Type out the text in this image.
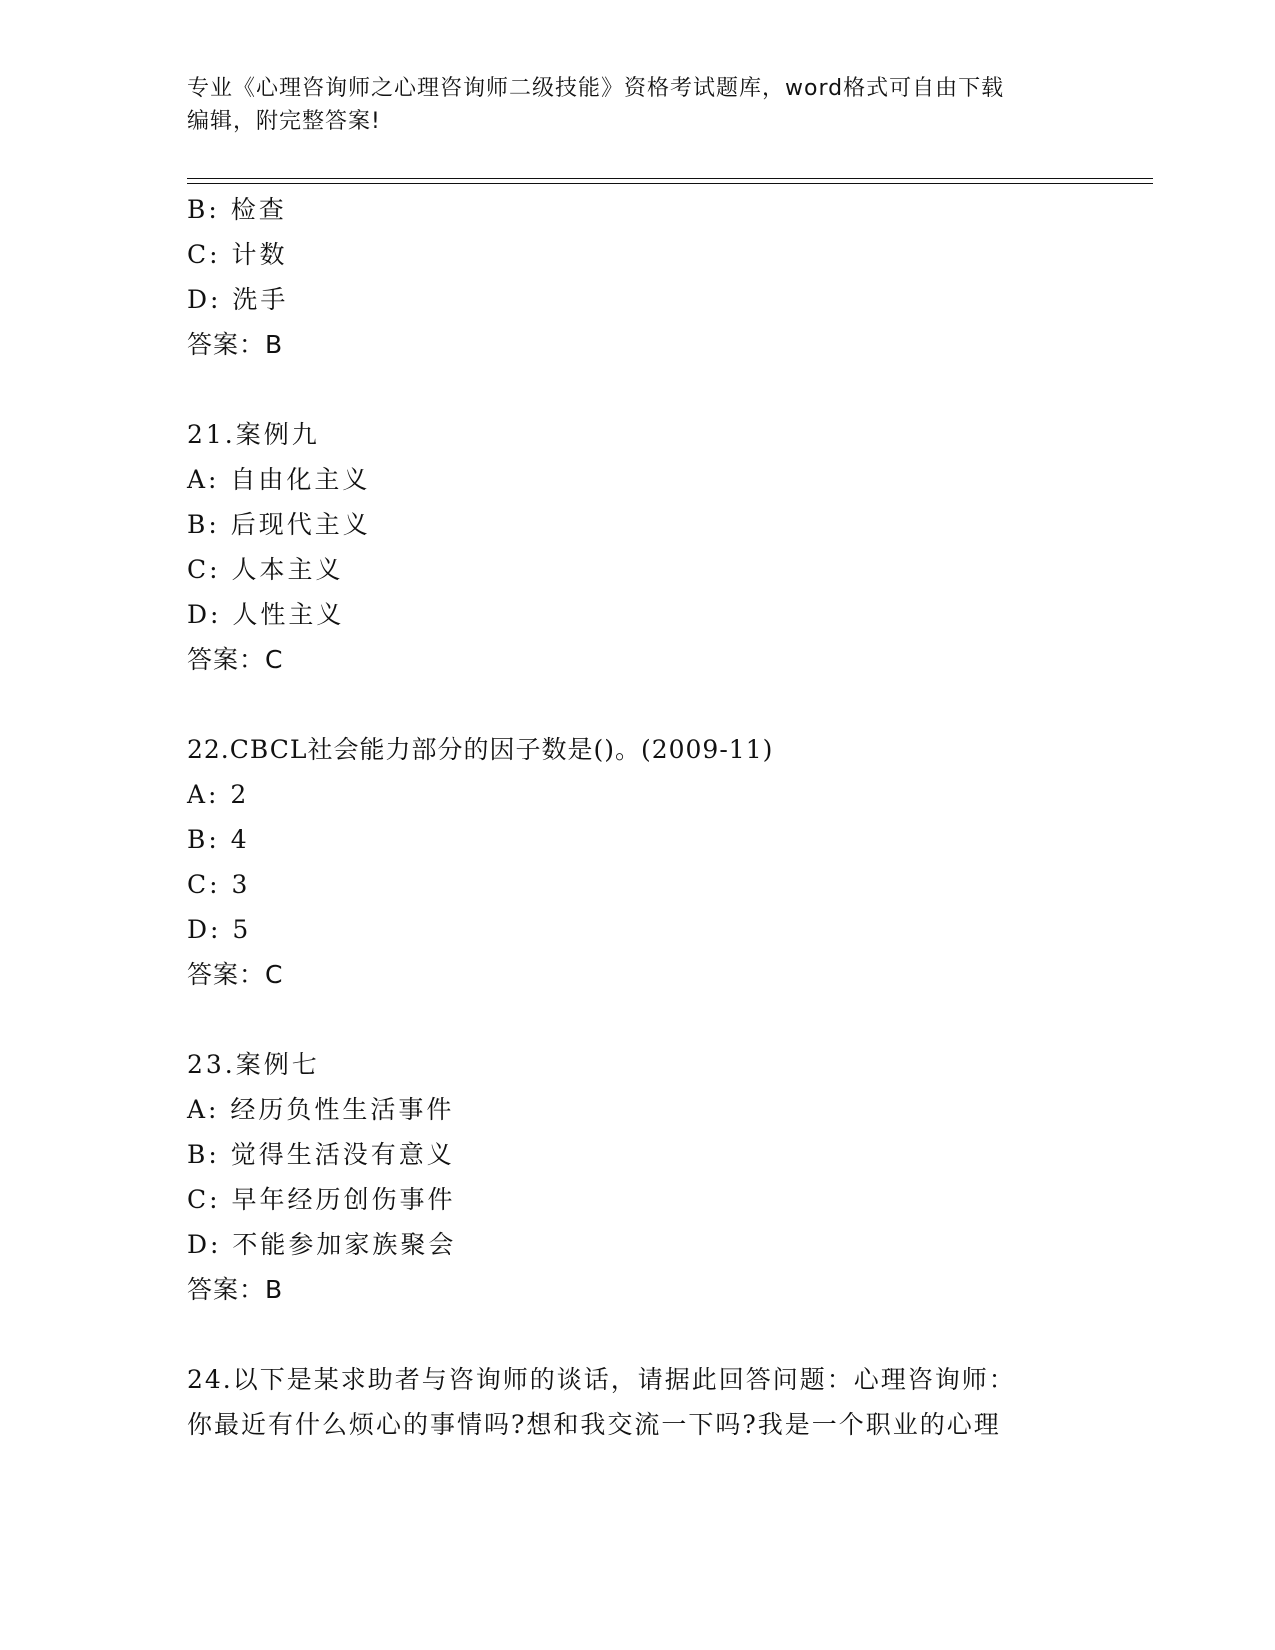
专业《心理咨询师之心理咨询师二级技能》资格考试题库，word格式可自由下载
编辑，附完整答案!
B: 检查
C: 计数
D: 洗手
答案：B
21.案例九
A: 自由化主义
B: 后现代主义
C: 人本主义
D: 人性主义
答案：C
22.CBCL社会能力部分的因子数是()。(2009-11)
A: 2
B: 4
C: 3
D: 5
答案：C
23.案例七
A: 经历负性生活事件
B: 觉得生活没有意义
C: 早年经历创伤事件
D: 不能参加家族聚会
答案：B
24.以下是某求助者与咨询师的谈话，请据此回答问题：心理咨询师：
你最近有什么烦心的事情吗?想和我交流一下吗?我是一个职业的心理
